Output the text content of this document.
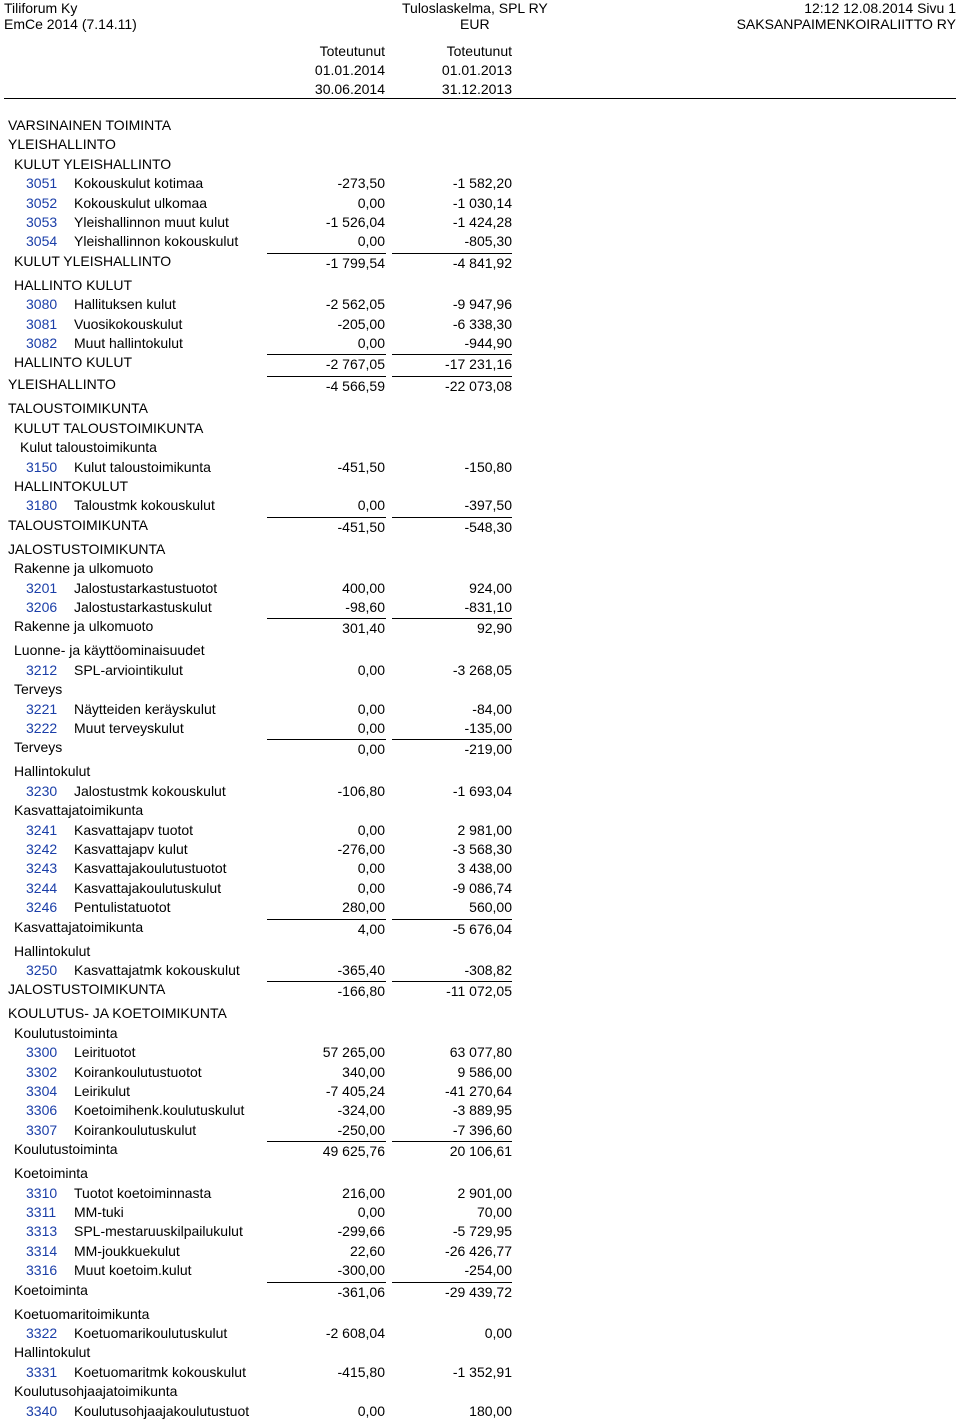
Tiliforum Ky
EmCe 2014 (7.14.11)
Tuloslaskelma, SPL RY
EUR
12:12 12.08.2014 Sivu 1
SAKSANPAIMENKOIRALIITTO RY
Toteutunut
01.01.2014
30.06.2014
Toteutunut
01.01.2013
31.12.2013
VARSINAINEN TOIMINTA
YLEISHALLINTO
KULUT YLEISHALLINTO
3051 Kokouskulut kotimaa	-273,50	-1 582,20
3052 Kokouskulut ulkomaa	0,00	-1 030,14
3053 Yleishallinnon muut kulut	-1 526,04	-1 424,28
3054 Yleishallinnon kokouskulut	0,00	-805,30
KULUT YLEISHALLINTO	-1 799,54	-4 841,92
HALLINTO KULUT
3080 Hallituksen kulut	-2 562,05	-9 947,96
3081 Vuosikokouskulut	-205,00	-6 338,30
3082 Muut hallintokulut	0,00	-944,90
HALLINTO KULUT	-2 767,05	-17 231,16
YLEISHALLINTO	-4 566,59	-22 073,08
TALOUSTOIMIKUNTA
KULUT TALOUSTOIMIKUNTA
Kulut taloustoimikunta
3150 Kulut taloustoimikunta	-451,50	-150,80
HALLINTOKULUT
3180 Taloustmk kokouskulut	0,00	-397,50
TALOUSTOIMIKUNTA	-451,50	-548,30
JALOSTUSTOIMIKUNTA
Rakenne ja ulkomuoto
3201 Jalostustarkastustuotot	400,00	924,00
3206 Jalostustarkastuskulut	-98,60	-831,10
Rakenne ja ulkomuoto	301,40	92,90
Luonne- ja käyttöominaisuudet
3212 SPL-arviointikulut	0,00	-3 268,05
Terveys
3221 Näytteiden keräyskulut	0,00	-84,00
3222 Muut terveyskulut	0,00	-135,00
Terveys	0,00	-219,00
Hallintokulut
3230 Jalostustmk kokouskulut	-106,80	-1 693,04
Kasvattajatoimikunta
3241 Kasvattajapv tuotot	0,00	2 981,00
3242 Kasvattajapv kulut	-276,00	-3 568,30
3243 Kasvattajakoulutustuotot	0,00	3 438,00
3244 Kasvattajakoulutuskulut	0,00	-9 086,74
3246 Pentulistatuotot	280,00	560,00
Kasvattajatoimikunta	4,00	-5 676,04
Hallintokulut
3250 Kasvattajatmk kokouskulut	-365,40	-308,82
JALOSTUSTOIMIKUNTA	-166,80	-11 072,05
KOULUTUS- JA KOETOIMIKUNTA
Koulutustoiminta
3300 Leirituotot	57 265,00	63 077,80
3302 Koirankoulutustuotot	340,00	9 586,00
3304 Leirikulut	-7 405,24	-41 270,64
3306 Koetoimihenk.koulutuskulut	-324,00	-3 889,95
3307 Koirankoulutuskulut	-250,00	-7 396,60
Koulutustoiminta	49 625,76	20 106,61
Koetoiminta
3310 Tuotot koetoiminnasta	216,00	2 901,00
3311 MM-tuki	0,00	70,00
3313 SPL-mestaruuskilpailukulut	-299,66	-5 729,95
3314 MM-joukkuekulut	22,60	-26 426,77
3316 Muut koetoim.kulut	-300,00	-254,00
Koetoiminta	-361,06	-29 439,72
Koetuomaritoimikunta
3322 Koetuomarikoulutuskulut	-2 608,04	0,00
Hallintokulut
3331 Koetuomaritmk kokouskulut	-415,80	-1 352,91
Koulutusohjaajatoimikunta
3340 Koulutusohjaajakoulutustuot	0,00	180,00
